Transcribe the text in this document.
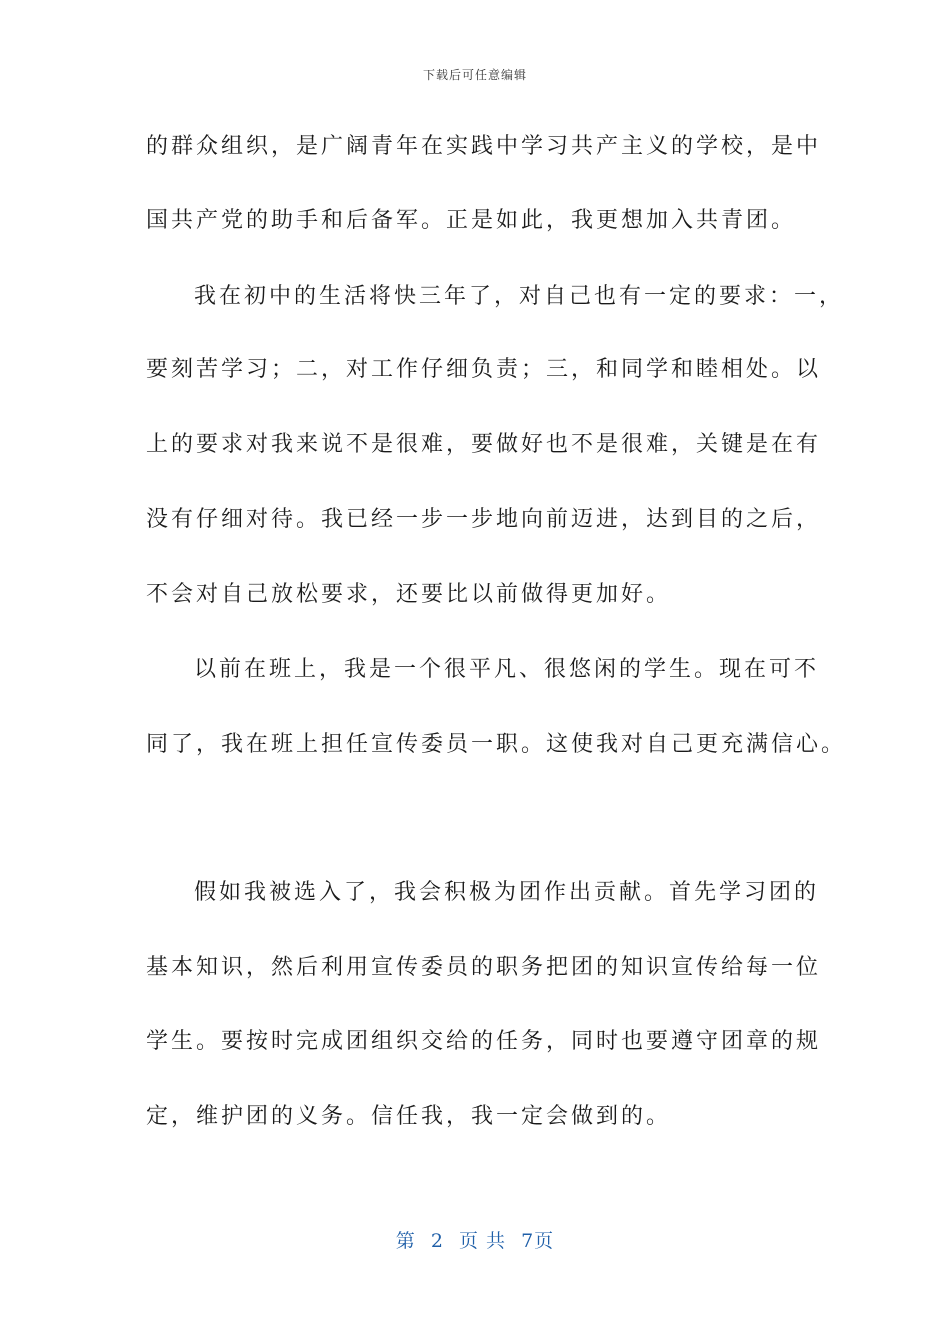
下载后可任意编辑
的群众组织，是广阔青年在实践中学习共产主义的学校，是中
国共产党的助手和后备军。正是如此，我更想加入共青团。
我在初中的生活将快三年了，对自己也有一定的要求：一，
要刻苦学习；二，对工作仔细负责；三，和同学和睦相处。以
上的要求对我来说不是很难，要做好也不是很难，关键是在有
没有仔细对待。我已经一步一步地向前迈进，达到目的之后，
不会对自己放松要求，还要比以前做得更加好。
以前在班上，我是一个很平凡、很悠闲的学生。现在可不
同了，我在班上担任宣传委员一职。这使我对自己更充满信心。
假如我被选入了，我会积极为团作出贡献。首先学习团的
基本知识，然后利用宣传委员的职务把团的知识宣传给每一位
学生。要按时完成团组织交给的任务，同时也要遵守团章的规
定，维护团的义务。信任我，我一定会做到的。
第 2 页 共 7页
